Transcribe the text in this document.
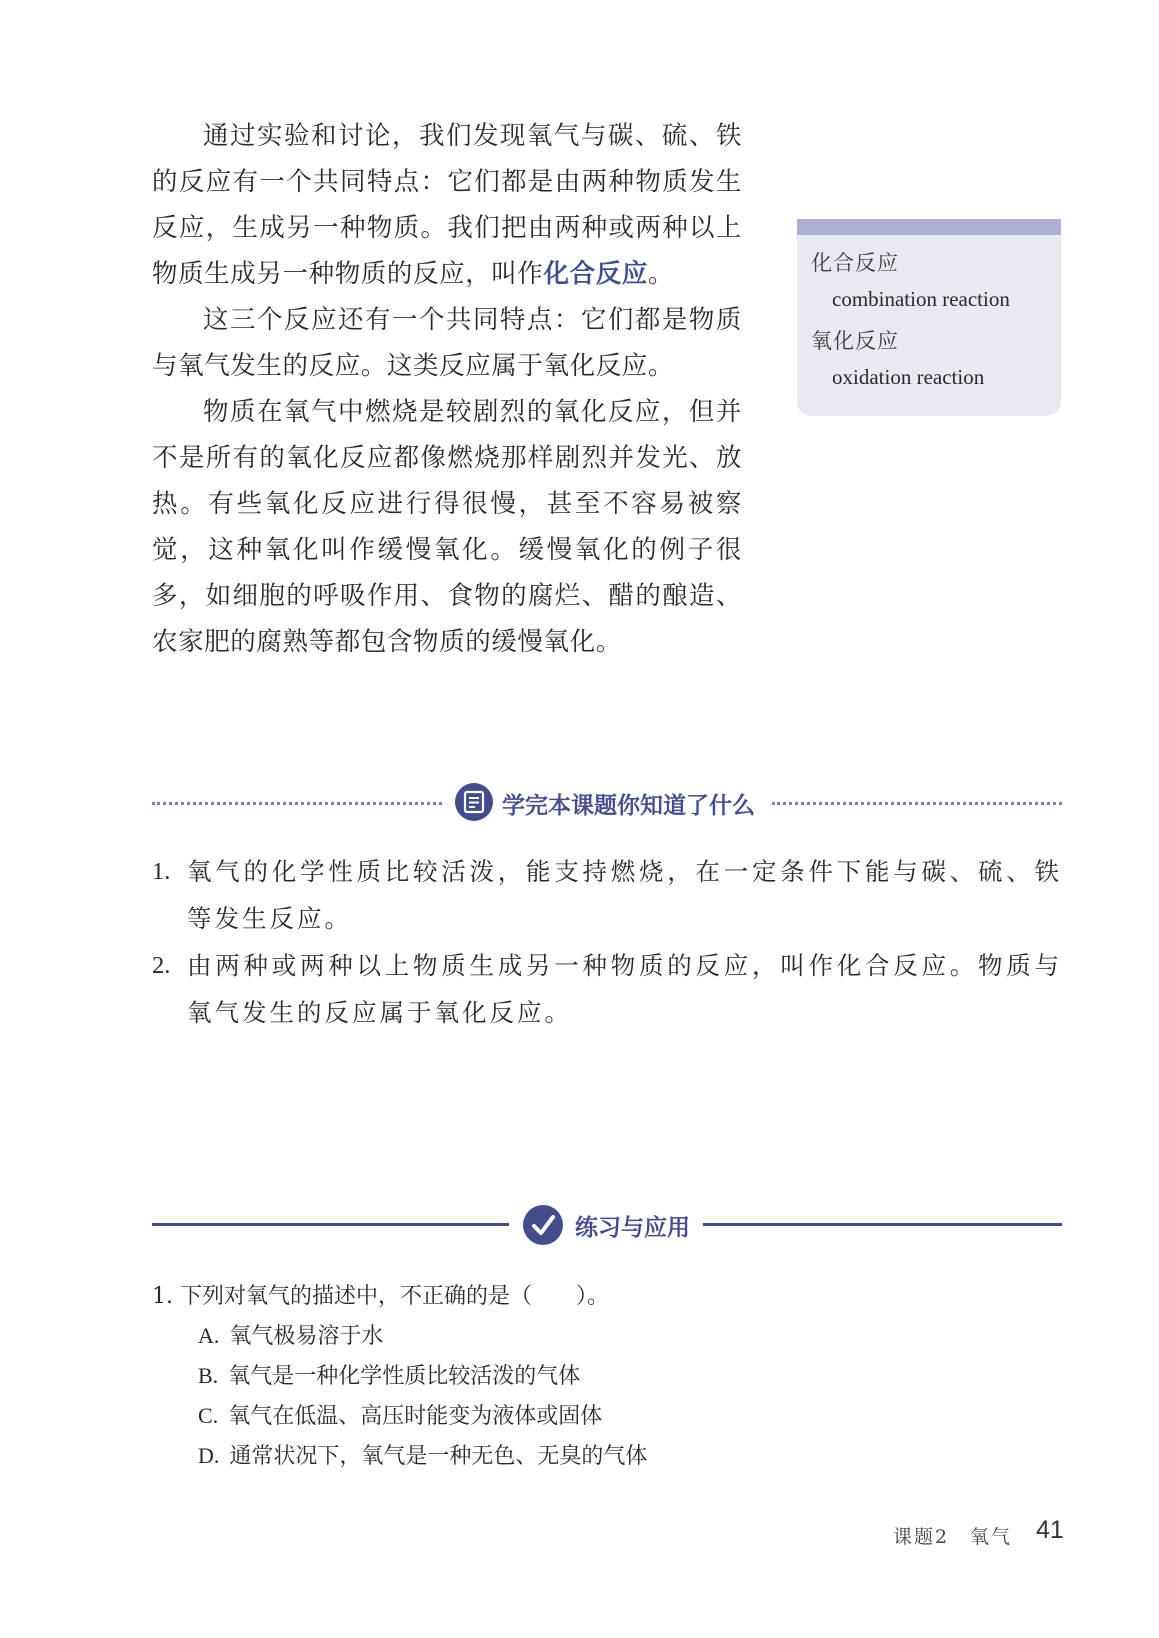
通过实验和讨论，我们发现氧气与碳、硫、铁的反应有一个共同特点：它们都是由两种物质发生反应，生成另一种物质。我们把由两种或两种以上物质生成另一种物质的反应，叫作化合反应。

这三个反应还有一个共同特点：它们都是物质与氧气发生的反应。这类反应属于氧化反应。

物质在氧气中燃烧是较剧烈的氧化反应，但并不是所有的氧化反应都像燃烧那样剧烈并发光、放热。有些氧化反应进行得很慢，甚至不容易被察觉，这种氧化叫作缓慢氧化。缓慢氧化的例子很多，如细胞的呼吸作用、食物的腐烂、醋的酿造、农家肥的腐熟等都包含物质的缓慢氧化。

化合反应
combination reaction
氧化反应
oxidation reaction
学完本课题你知道了什么
1. 氧气的化学性质比较活泼，能支持燃烧，在一定条件下能与碳、硫、铁等发生反应。
2. 由两种或两种以上物质生成另一种物质的反应，叫作化合反应。物质与氧气发生的反应属于氧化反应。
练习与应用
1. 下列对氧气的描述中，不正确的是（　　）。
A. 氧气极易溶于水
B. 氧气是一种化学性质比较活泼的气体
C. 氧气在低温、高压时能变为液体或固体
D. 通常状况下，氧气是一种无色、无臭的气体
课题2 氧气 41
